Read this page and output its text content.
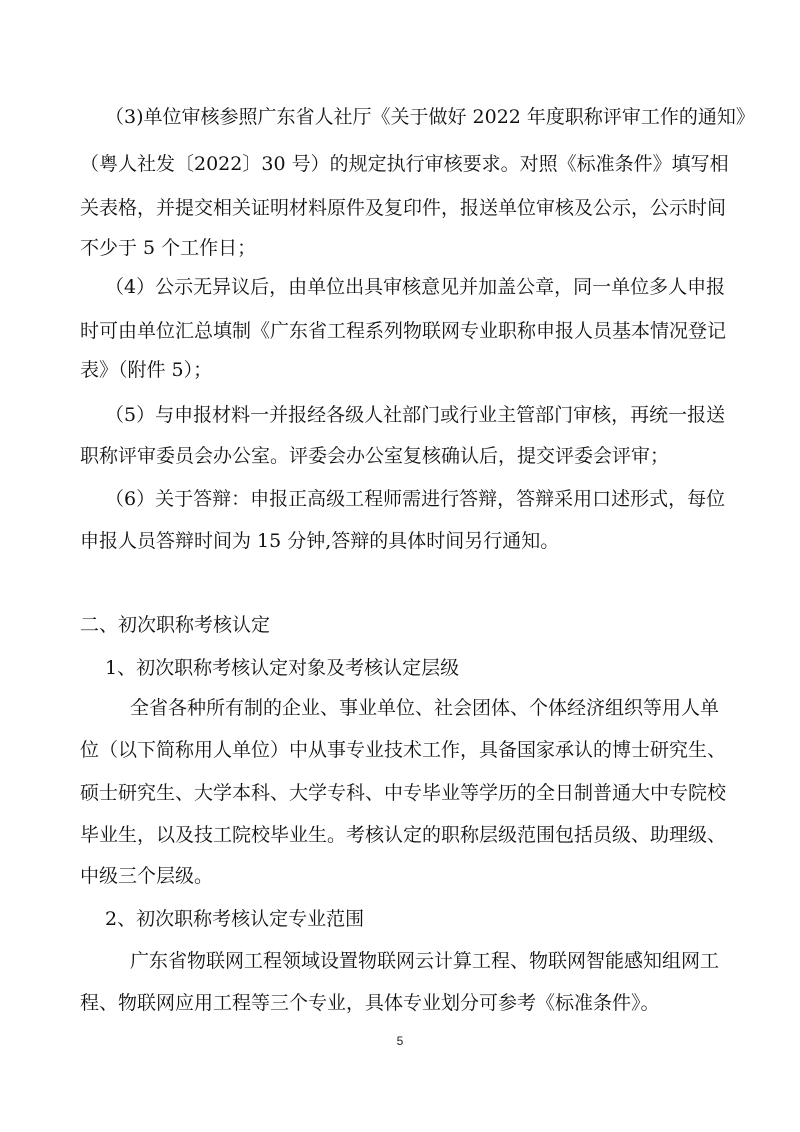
（3)单位审核参照广东省人社厅《关于做好 2022 年度职称评审工作的通知》
（粤人社发〔2022〕30 号）的规定执行审核要求。对照《标准条件》填写相
关表格，并提交相关证明材料原件及复印件，报送单位审核及公示，公示时间
不少于 5 个工作日；
（4）公示无异议后，由单位出具审核意见并加盖公章，同一单位多人申报
时可由单位汇总填制《广东省工程系列物联网专业职称申报人员基本情况登记
表》（附件 5）；
（5）与申报材料一并报经各级人社部门或行业主管部门审核，再统一报送
职称评审委员会办公室。评委会办公室复核确认后，提交评委会评审；
（6）关于答辩：申报正高级工程师需进行答辩，答辩采用口述形式，每位
申报人员答辩时间为 15 分钟,答辩的具体时间另行通知。
二、初次职称考核认定
1、初次职称考核认定对象及考核认定层级
全省各种所有制的企业、事业单位、社会团体、个体经济组织等用人单
位（以下简称用人单位）中从事专业技术工作，具备国家承认的博士研究生、
硕士研究生、大学本科、大学专科、中专毕业等学历的全日制普通大中专院校
毕业生，以及技工院校毕业生。考核认定的职称层级范围包括员级、助理级、
中级三个层级。
2、初次职称考核认定专业范围
广东省物联网工程领域设置物联网云计算工程、物联网智能感知组网工
程、物联网应用工程等三个专业，具体专业划分可参考《标准条件》。
5
